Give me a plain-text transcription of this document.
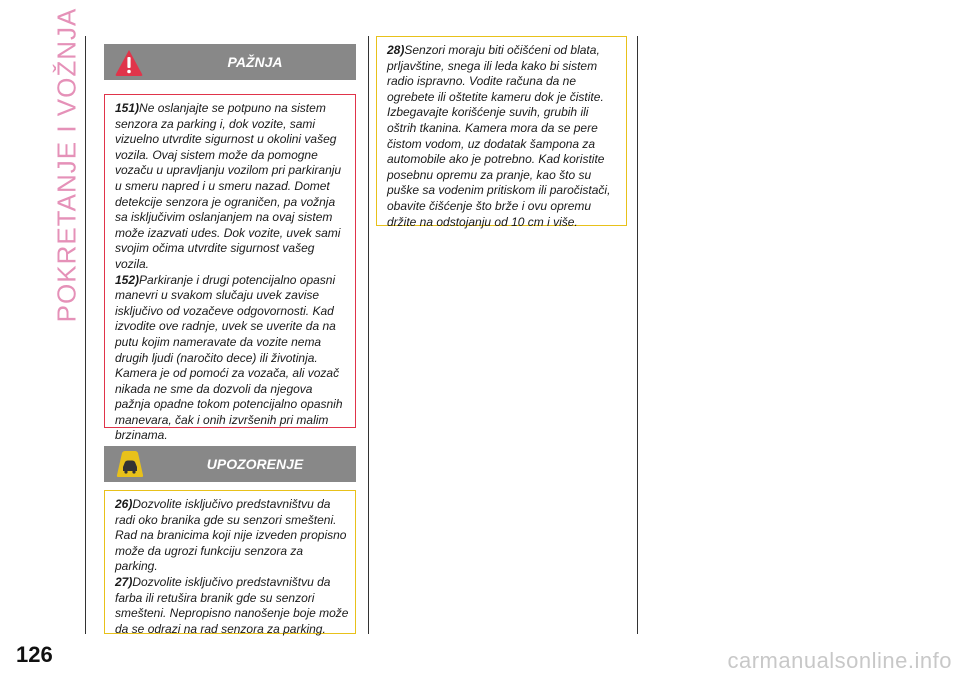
POKRETANJE I VOŽNJA	PAŽNJA

151)Ne oslanjajte se potpuno na sistem senzora za parking i, dok vozite, sami vizuelno utvrdite sigurnost u okolini vašeg vozila. Ovaj sistem može da pomogne vozaču u upravljanju vozilom pri parkiranju u smeru napred i u smeru nazad. Domet detekcije senzora je ograničen, pa vožnja sa isključivim oslanjanjem na ovaj sistem može izazvati udes. Dok vozite, uvek sami svojim očima utvrdite sigurnost vašeg vozila.

152)Parkiranje i drugi potencijalno opasni manevri u svakom slučaju uvek zavise isključivo od vozačeve odgovornosti. Kad izvodite ove radnje, uvek se uverite da na putu kojim nameravate da vozite nema drugih ljudi (naročito dece) ili životinja. Kamera je od pomoći za vozača, ali vozač nikada ne sme da dozvoli da njegova pažnja opadne tokom potencijalno opasnih manevara, čak i onih izvršenih pri malim brzinama.

UPOZORENJE

26)Dozvolite isključivo predstavništvu da radi oko branika gde su senzori smešteni. Rad na branicima koji nije izveden propisno može da ugrozi funkciju senzora za parking.

27)Dozvolite isključivo predstavništvu da farba ili retušira branik gde su senzori smešteni. Nepropisno nanošenje boje može da se odrazi na rad senzora za parking.

28)Senzori moraju biti očišćeni od blata, prljavštine, snega ili leda kako bi sistem radio ispravno. Vodite računa da ne ogrebete ili oštetite kameru dok je čistite. Izbegavajte korišćenje suvih, grubih ili oštrih tkanina. Kamera mora da se pere čistom vodom, uz dodatak šampona za automobile ako je potrebno. Kad koristite posebnu opremu za pranje, kao što su puške sa vodenim pritiskom ili paročistači, obavite čišćenje što brže i ovu opremu držite na odstojanju od 10 cm i više.

126	carmanualsonline.info
